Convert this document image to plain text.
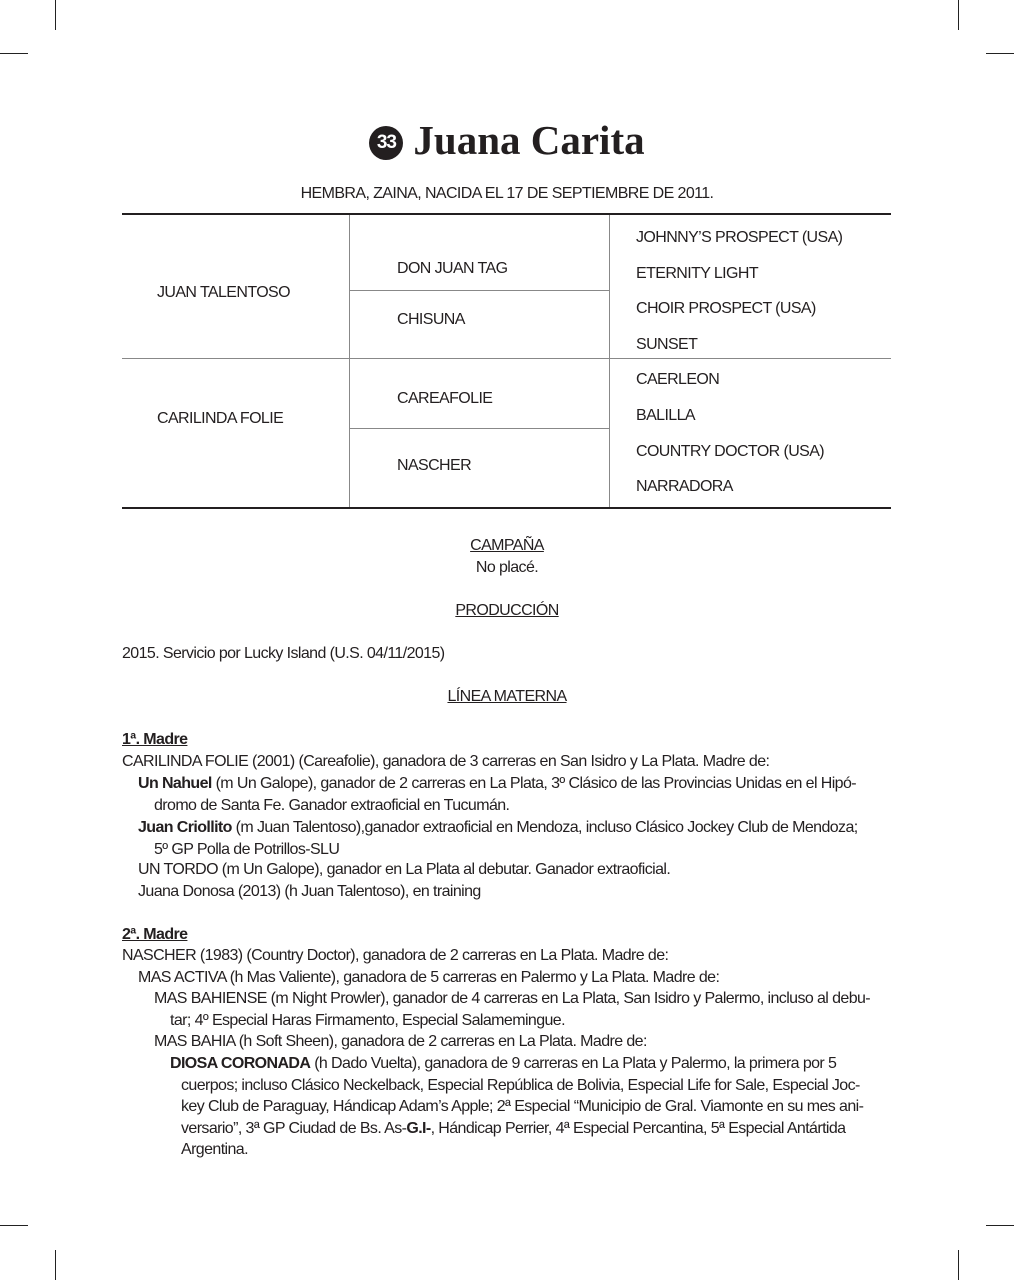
33 Juana Carita
HEMBRA, ZAINA, NACIDA EL 17 DE SEPTIEMBRE DE 2011.
JUAN TALENTOSO
CARILINDA FOLIE
DON JUAN TAG
CHISUNA
CAREAFOLIE
NASCHER
JOHNNY’S PROSPECT (USA)
ETERNITY LIGHT
CHOIR PROSPECT (USA)
SUNSET
CAERLEON
BALILLA
COUNTRY DOCTOR (USA)
NARRADORA
CAMPAÑA
No placé.
PRODUCCIÓN
2015. Servicio por Lucky Island (U.S. 04/11/2015)
LÍNEA MATERNA
1ª. Madre
CARILINDA FOLIE (2001) (Careafolie), ganadora de 3 carreras en San Isidro y La Plata. Madre de:
Un Nahuel (m Un Galope), ganador de 2 carreras en La Plata, 3º Clásico de las Provincias Unidas en el Hipó-
dromo de Santa Fe. Ganador extraoficial en Tucumán.
Juan Criollito (m Juan Talentoso),ganador extraoficial en Mendoza, incluso Clásico Jockey Club de Mendoza;
5º GP Polla de Potrillos-SLU
UN TORDO (m Un Galope), ganador en La Plata al debutar. Ganador extraoficial.
Juana Donosa (2013) (h Juan Talentoso), en training
2ª. Madre
NASCHER (1983) (Country Doctor), ganadora de 2 carreras en La Plata. Madre de:
MAS ACTIVA (h Mas Valiente), ganadora de 5 carreras en Palermo y La Plata. Madre de:
MAS BAHIENSE (m Night Prowler), ganador de 4 carreras en La Plata, San Isidro y Palermo, incluso al debu-
tar; 4º Especial Haras Firmamento, Especial Salamemingue.
MAS BAHIA (h Soft Sheen), ganadora de 2 carreras en La Plata. Madre de:
DIOSA CORONADA (h Dado Vuelta), ganadora de 9 carreras en La Plata y Palermo, la primera por 5
cuerpos; incluso Clásico Neckelback, Especial República de Bolivia, Especial Life for Sale, Especial Joc-
key Club de Paraguay, Hándicap Adam’s Apple; 2ª Especial “Municipio de Gral. Viamonte en su mes ani-
versario”, 3ª GP Ciudad de Bs. As-G.I-, Hándicap Perrier, 4ª Especial Percantina, 5ª Especial Antártida
Argentina.
